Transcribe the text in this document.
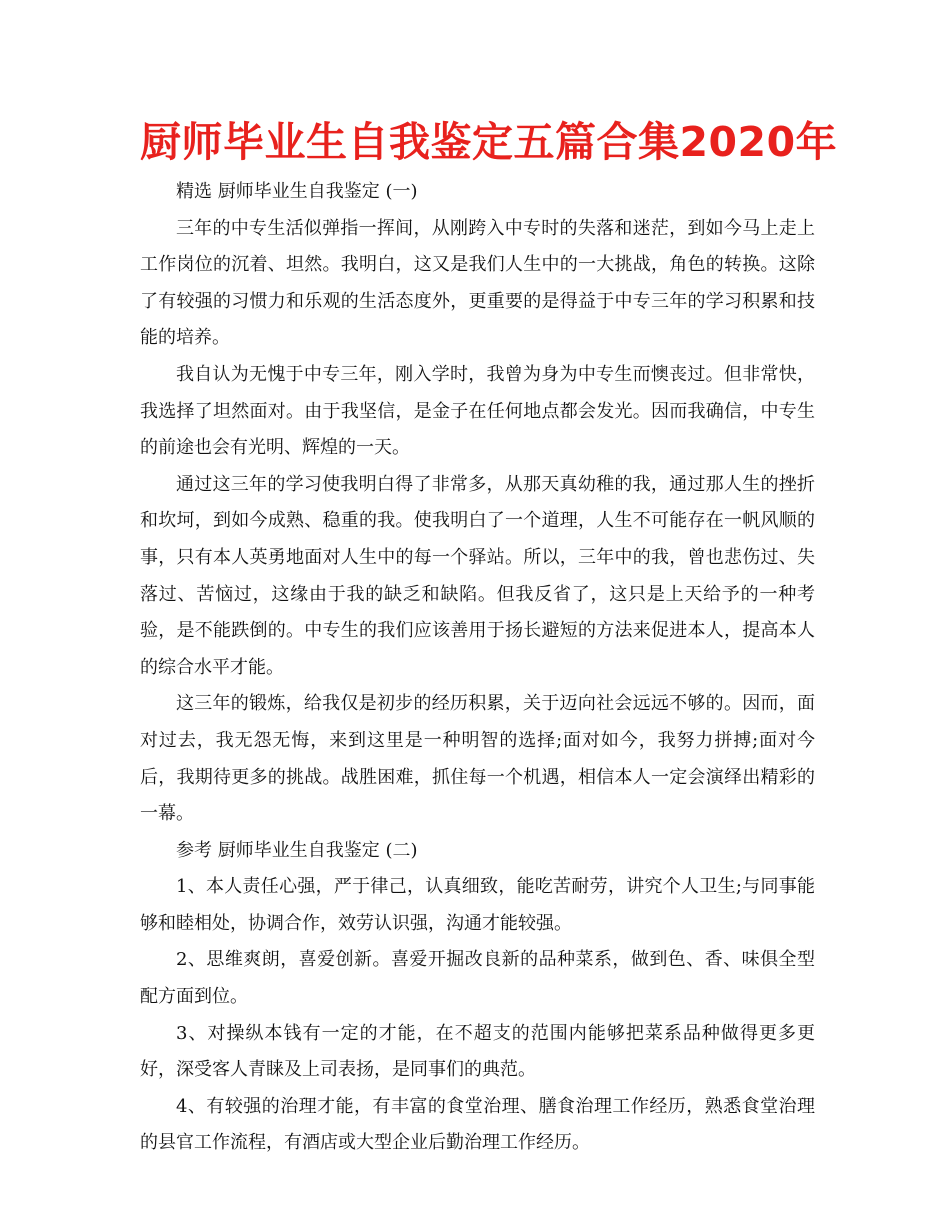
厨师毕业生自我鉴定五篇合集2020年

精选 厨师毕业生自我鉴定 (一)

三年的中专生活似弹指一挥间，从刚跨入中专时的失落和迷茫，到如今马上走上工作岗位的沉着、坦然。我明白，这又是我们人生中的一大挑战，角色的转换。这除了有较强的习惯力和乐观的生活态度外，更重要的是得益于中专三年的学习积累和技能的培养。

我自认为无愧于中专三年，刚入学时，我曾为身为中专生而懊丧过。但非常快，我选择了坦然面对。由于我坚信，是金子在任何地点都会发光。因而我确信，中专生的前途也会有光明、辉煌的一天。

通过这三年的学习使我明白得了非常多，从那天真幼稚的我，通过那人生的挫折和坎坷，到如今成熟、稳重的我。使我明白了一个道理，人生不可能存在一帆风顺的事，只有本人英勇地面对人生中的每一个驿站。所以，三年中的我，曾也悲伤过、失落过、苦恼过，这缘由于我的缺乏和缺陷。但我反省了，这只是上天给予的一种考验，是不能跌倒的。中专生的我们应该善用于扬长避短的方法来促进本人，提高本人的综合水平才能。

这三年的锻炼，给我仅是初步的经历积累，关于迈向社会远远不够的。因而，面对过去，我无怨无悔，来到这里是一种明智的选择;面对如今，我努力拼搏;面对今后，我期待更多的挑战。战胜困难，抓住每一个机遇，相信本人一定会演绎出精彩的一幕。

参考 厨师毕业生自我鉴定 (二)

1、本人责任心强，严于律己，认真细致，能吃苦耐劳，讲究个人卫生;与同事能够和睦相处，协调合作，效劳认识强，沟通才能较强。

2、思维爽朗，喜爱创新。喜爱开掘改良新的品种菜系，做到色、香、味俱全型配方面到位。

3、对操纵本钱有一定的才能，在不超支的范围内能够把菜系品种做得更多更好，深受客人青睐及上司表扬，是同事们的典范。

4、有较强的治理才能，有丰富的食堂治理、膳食治理工作经历，熟悉食堂治理的县官工作流程，有酒店或大型企业后勤治理工作经历。
